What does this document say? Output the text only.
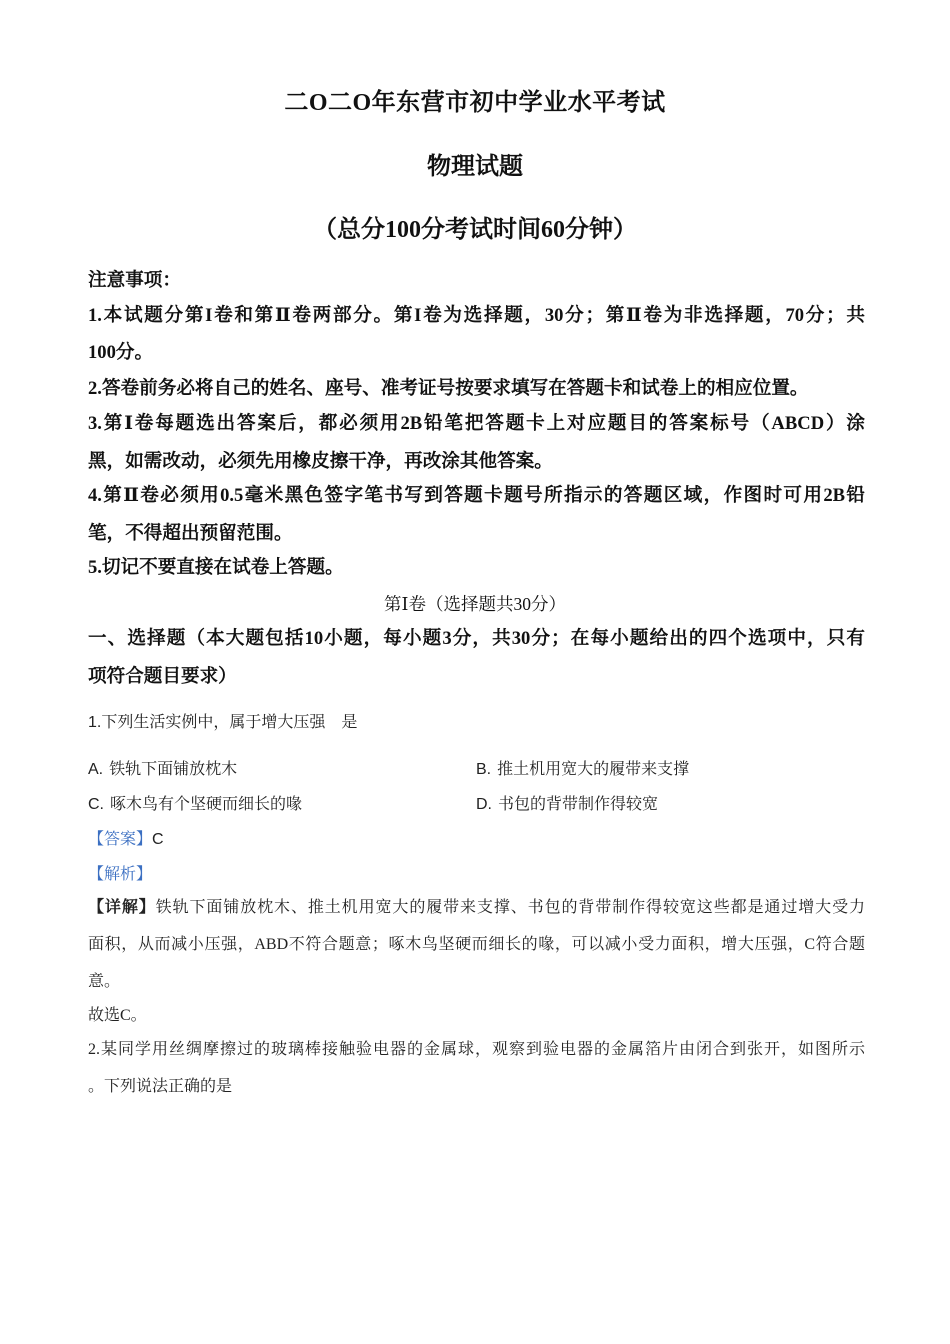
二O二O年东营市初中学业水平考试
物理试题
（总分100分考试时间60分钟）
注意事项：
1.本试题分第I卷和第Ⅱ卷两部分。第I卷为选择题，30分；第Ⅱ卷为非选择题，70分；共
100分。
2.答卷前务必将自己的姓名、座号、准考证号按要求填写在答题卡和试卷上的相应位置。
3.第Ⅰ卷每题选出答案后，都必须用2B铅笔把答题卡上对应题目的答案标号（ABCD）涂
黑，如需改动，必须先用橡皮擦干净，再改涂其他答案。
4.第Ⅱ卷必须用0.5毫米黑色签字笔书写到答题卡题号所指示的答题区域，作图时可用2B铅
笔，不得超出预留范围。
5.切记不要直接在试卷上答题。
第Ⅰ卷（选择题共30分）
一、选择题（本大题包括10小题，每小题3分，共30分；在每小题给出的四个选项中，只有
项符合题目要求）
1.下列生活实例中，属于增大压强　是
A. 铁轨下面铺放枕木	B. 推土机用宽大的履带来支撑
C. 啄木鸟有个坚硬而细长的喙	D. 书包的背带制作得较宽
【答案】C
【解析】
【详解】铁轨下面铺放枕木、推土机用宽大的履带来支撑、书包的背带制作得较宽这些都是通过增大受力
面积，从而减小压强，ABD不符合题意；啄木鸟坚硬而细长的喙，可以减小受力面积，增大压强，C符合题
意。
故选C。
2.某同学用丝绸摩擦过的玻璃棒接触验电器的金属球，观察到验电器的金属箔片由闭合到张开，如图所示
。下列说法正确的是
